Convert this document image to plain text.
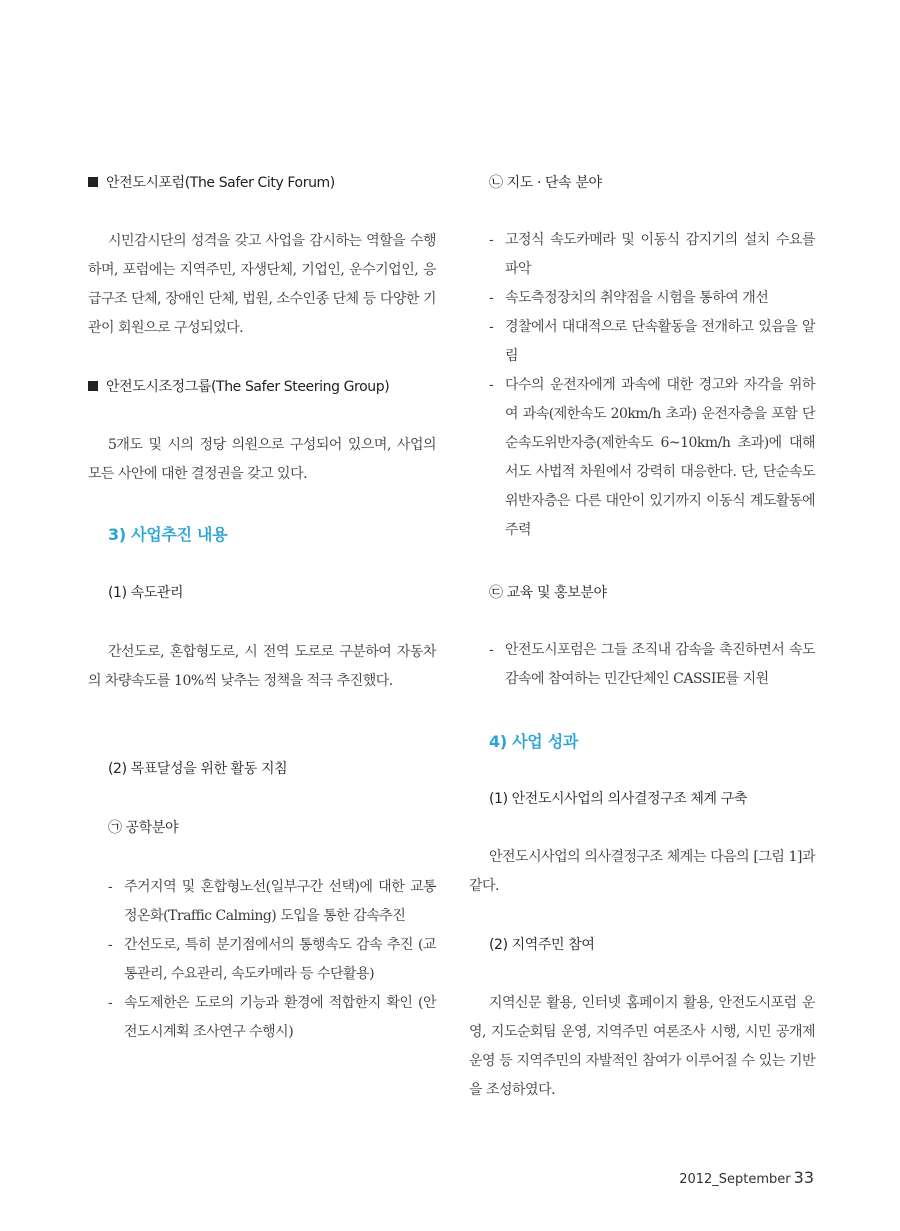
안전도시포럼(The Safer City Forum)
시민감시단의 성격을 갖고 사업을 감시하는 역할을 수행하며, 포럼에는 지역주민, 자생단체, 기업인, 운수기업인, 응급구조 단체, 장애인 단체, 법원, 소수인종 단체 등 다양한 기관이 회원으로 구성되었다.
안전도시조정그룹(The Safer Steering Group)
5개도 및 시의 정당 의원으로 구성되어 있으며, 사업의 모든 사안에 대한 결정권을 갖고 있다.
3) 사업추진 내용
(1) 속도관리
간선도로, 혼합형도로, 시 전역 도로로 구분하여 자동차의 차량속도를 10%씩 낮추는 정책을 적극 추진했다.
(2) 목표달성을 위한 활동 지침
㉠ 공학분야
- 주거지역 및 혼합형노선(일부구간 선택)에 대한 교통정온화(Traffic Calming) 도입을 통한 감속추진
- 간선도로, 특히 분기점에서의 통행속도 감속 추진 (교통관리, 수요관리, 속도카메라 등 수단활용)
- 속도제한은 도로의 기능과 환경에 적합한지 확인 (안전도시계획 조사연구 수행시)
㉡ 지도 · 단속 분야
- 고정식 속도카메라 및 이동식 감지기의 설치 수요를 파악
- 속도측정장치의 취약점을 시험을 통하여 개선
- 경찰에서 대대적으로 단속활동을 전개하고 있음을 알림
- 다수의 운전자에게 과속에 대한 경고와 자각을 위하여 과속(제한속도 20km/h 초과) 운전자층을 포함 단순속도위반자층(제한속도 6~10km/h 초과)에 대해서도 사법적 차원에서 강력히 대응한다. 단, 단순속도위반자층은 다른 대안이 있기까지 이동식 계도활동에 주력
㉢ 교육 및 홍보분야
- 안전도시포럼은 그들 조직내 감속을 촉진하면서 속도 감속에 참여하는 민간단체인 CASSIE를 지원
4) 사업 성과
(1) 안전도시사업의 의사결정구조 체계 구축
안전도시사업의 의사결정구조 체계는 다음의 [그림 1]과 같다.
(2) 지역주민 참여
지역신문 활용, 인터넷 홈페이지 활용, 안전도시포럼 운영, 지도순회팀 운영, 지역주민 여론조사 시행, 시민 공개제 운영 등 지역주민의 자발적인 참여가 이루어질 수 있는 기반을 조성하였다.
2012_September 33
